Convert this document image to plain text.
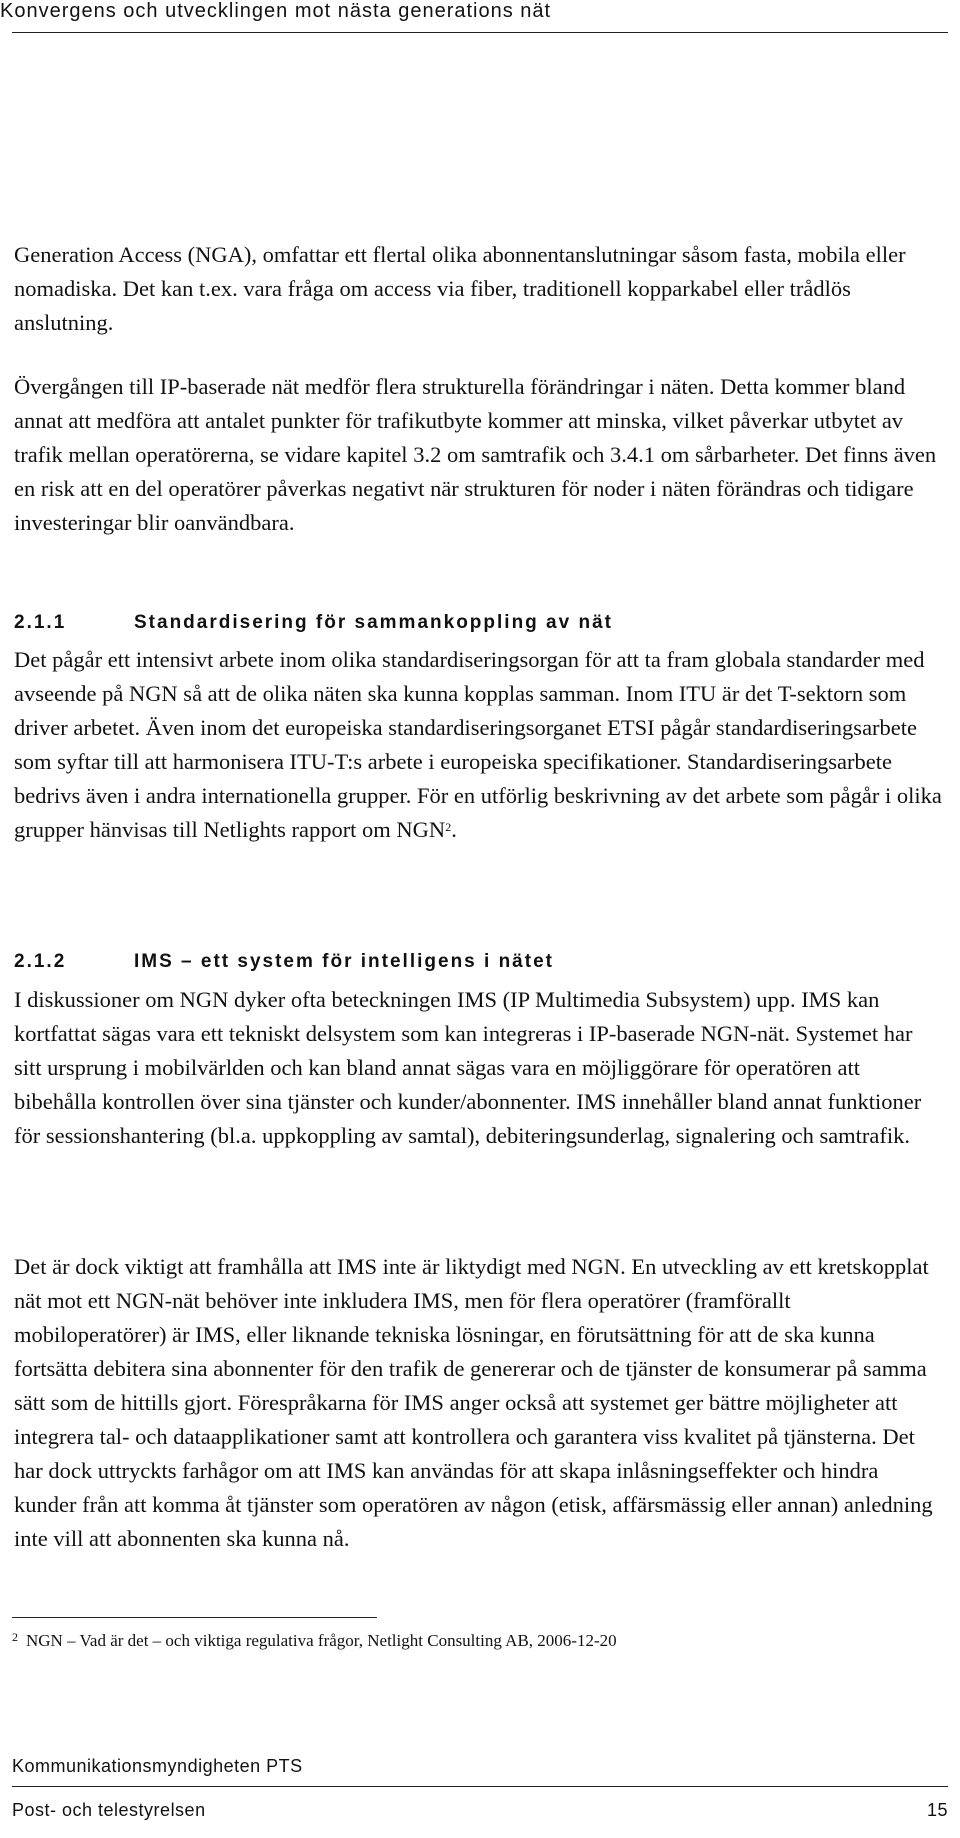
Konvergens och utvecklingen mot nästa generations nät

Generation Access (NGA), omfattar ett flertal olika abonnentanslutningar såsom fasta, mobila eller nomadiska. Det kan t.ex. vara fråga om access via fiber, traditionell kopparkabel eller trådlös anslutning.

Övergången till IP-baserade nät medför flera strukturella förändringar i näten. Detta kommer bland annat att medföra att antalet punkter för trafikutbyte kommer att minska, vilket påverkar utbytet av trafik mellan operatörerna, se vidare kapitel 3.2 om samtrafik och 3.4.1 om sårbarheter. Det finns även en risk att en del operatörer påverkas negativt när strukturen för noder i näten förändras och tidigare investeringar blir oanvändbara.

2.1.1	Standardisering för sammankoppling av nät

Det pågår ett intensivt arbete inom olika standardiseringsorgan för att ta fram globala standarder med avseende på NGN så att de olika näten ska kunna kopplas samman. Inom ITU är det T-sektorn som driver arbetet. Även inom det europeiska standardiseringsorganet ETSI pågår standardiseringsarbete som syftar till att harmonisera ITU-T:s arbete i europeiska specifikationer. Standardiseringsarbete bedrivs även i andra internationella grupper. För en utförlig beskrivning av det arbete som pågår i olika grupper hänvisas till Netlights rapport om NGN$^2$.

2.1.2	IMS – ett system för intelligens i nätet

I diskussioner om NGN dyker ofta beteckningen IMS (IP Multimedia Subsystem) upp. IMS kan kortfattat sägas vara ett tekniskt delsystem som kan integreras i IP-baserade NGN-nät. Systemet har sitt ursprung i mobilvärlden och kan bland annat sägas vara en möjliggörare för operatören att bibehålla kontrollen över sina tjänster och kunder/abonnenter. IMS innehåller bland annat funktioner för sessionshantering (bl.a. uppkoppling av samtal), debiteringsunderlag, signalering och samtrafik.

Det är dock viktigt att framhålla att IMS inte är liktydigt med NGN. En utveckling av ett kretskopplat nät mot ett NGN-nät behöver inte inkludera IMS, men för flera operatörer (framförallt mobiloperatörer) är IMS, eller liknande tekniska lösningar, en förutsättning för att de ska kunna fortsätta debitera sina abonnenter för den trafik de genererar och de tjänster de konsumerar på samma sätt som de hittills gjort. Förespråkarna för IMS anger också att systemet ger bättre möjligheter att integrera tal- och dataapplikationer samt att kontrollera och garantera viss kvalitet på tjänsterna. Det har dock uttryckts farhågor om att IMS kan användas för att skapa inlåsningseffekter och hindra kunder från att komma åt tjänster som operatören av någon (etisk, affärsmässig eller annan) anledning inte vill att abonnenten ska kunna nå.

$^2$ NGN – Vad är det – och viktiga regulativa frågor, Netlight Consulting AB, 2006-12-20
Kommunikationsmyndigheten PTS
Post- och telestyrelsen	15
